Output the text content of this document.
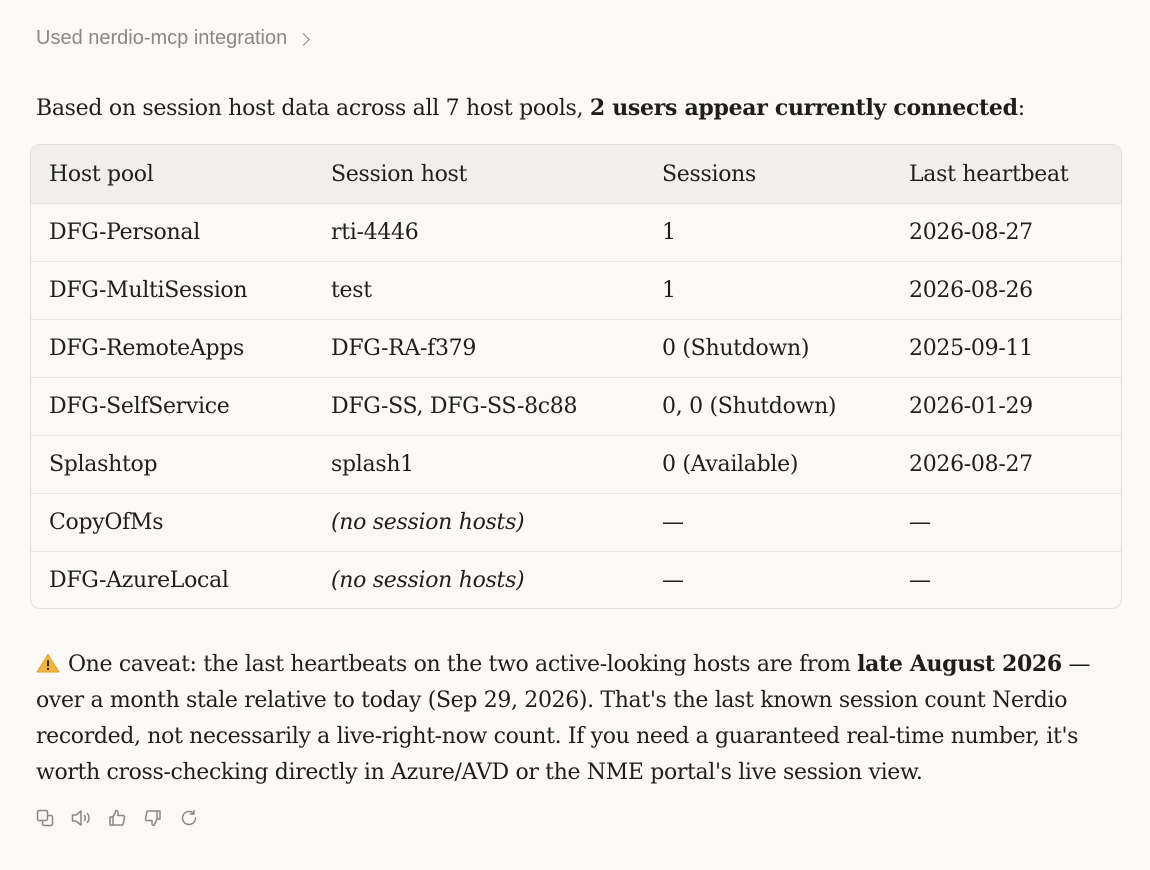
Used nerdio-mcp integration
Based on session host data across all 7 host pools, 2 users appear currently connected:
Host pool	Session host	Sessions	Last heartbeat
DFG-Personal	rti-4446	1	2026-08-27
DFG-MultiSession	test	1	2026-08-26
DFG-RemoteApps	DFG-RA-f379	0 (Shutdown)	2025-09-11
DFG-SelfService	DFG-SS, DFG-SS-8c88	0, 0 (Shutdown)	2026-01-29
Splashtop	splash1	0 (Available)	2026-08-27
CopyOfMs	(no session hosts)	—	—
DFG-AzureLocal	(no session hosts)	—	—
One caveat: the last heartbeats on the two active-looking hosts are from late August 2026 — over a month stale relative to today (Sep 29, 2026). That's the last known session count Nerdio recorded, not necessarily a live-right-now count. If you need a guaranteed real-time number, it's worth cross-checking directly in Azure/AVD or the NME portal's live session view.
